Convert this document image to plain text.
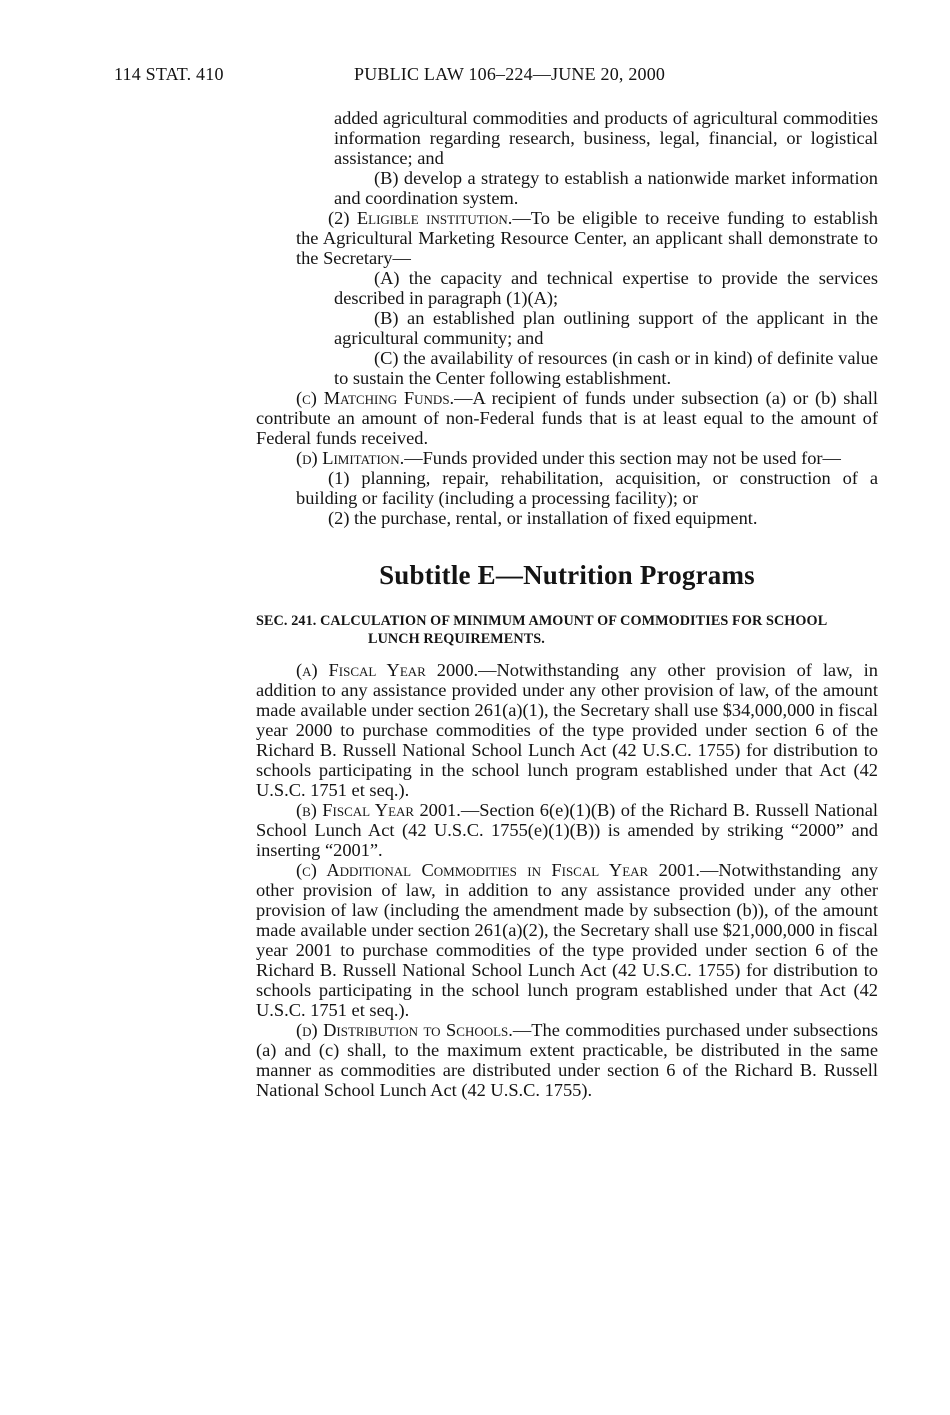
114 STAT. 410	PUBLIC LAW 106–224—JUNE 20, 2000

added agricultural commodities and products of agricultural commodities information regarding research, business, legal, financial, or logistical assistance; and

(B) develop a strategy to establish a nationwide market information and coordination system.

(2) Eligible institution.—To be eligible to receive funding to establish the Agricultural Marketing Resource Center, an applicant shall demonstrate to the Secretary—

(A) the capacity and technical expertise to provide the services described in paragraph (1)(A);

(B) an established plan outlining support of the applicant in the agricultural community; and

(C) the availability of resources (in cash or in kind) of definite value to sustain the Center following establishment.

(c) Matching Funds.—A recipient of funds under subsection (a) or (b) shall contribute an amount of non-Federal funds that is at least equal to the amount of Federal funds received.

(d) Limitation.—Funds provided under this section may not be used for—

(1) planning, repair, rehabilitation, acquisition, or construction of a building or facility (including a processing facility); or

(2) the purchase, rental, or installation of fixed equipment.

Subtitle E—Nutrition Programs
SEC. 241. CALCULATION OF MINIMUM AMOUNT OF COMMODITIES FOR SCHOOL LUNCH REQUIREMENTS.

(a) Fiscal Year 2000.—Notwithstanding any other provision of law, in addition to any assistance provided under any other provision of law, of the amount made available under section 261(a)(1), the Secretary shall use $34,000,000 in fiscal year 2000 to purchase commodities of the type provided under section 6 of the Richard B. Russell National School Lunch Act (42 U.S.C. 1755) for distribution to schools participating in the school lunch program established under that Act (42 U.S.C. 1751 et seq.).

(b) Fiscal Year 2001.—Section 6(e)(1)(B) of the Richard B. Russell National School Lunch Act (42 U.S.C. 1755(e)(1)(B)) is amended by striking “2000” and inserting “2001”.

(c) Additional Commodities in Fiscal Year 2001.—Notwithstanding any other provision of law, in addition to any assistance provided under any other provision of law (including the amendment made by subsection (b)), of the amount made available under section 261(a)(2), the Secretary shall use $21,000,000 in fiscal year 2001 to purchase commodities of the type provided under section 6 of the Richard B. Russell National School Lunch Act (42 U.S.C. 1755) for distribution to schools participating in the school lunch program established under that Act (42 U.S.C. 1751 et seq.).

(d) Distribution to Schools.—The commodities purchased under subsections (a) and (c) shall, to the maximum extent practicable, be distributed in the same manner as commodities are distributed under section 6 of the Richard B. Russell National School Lunch Act (42 U.S.C. 1755).
